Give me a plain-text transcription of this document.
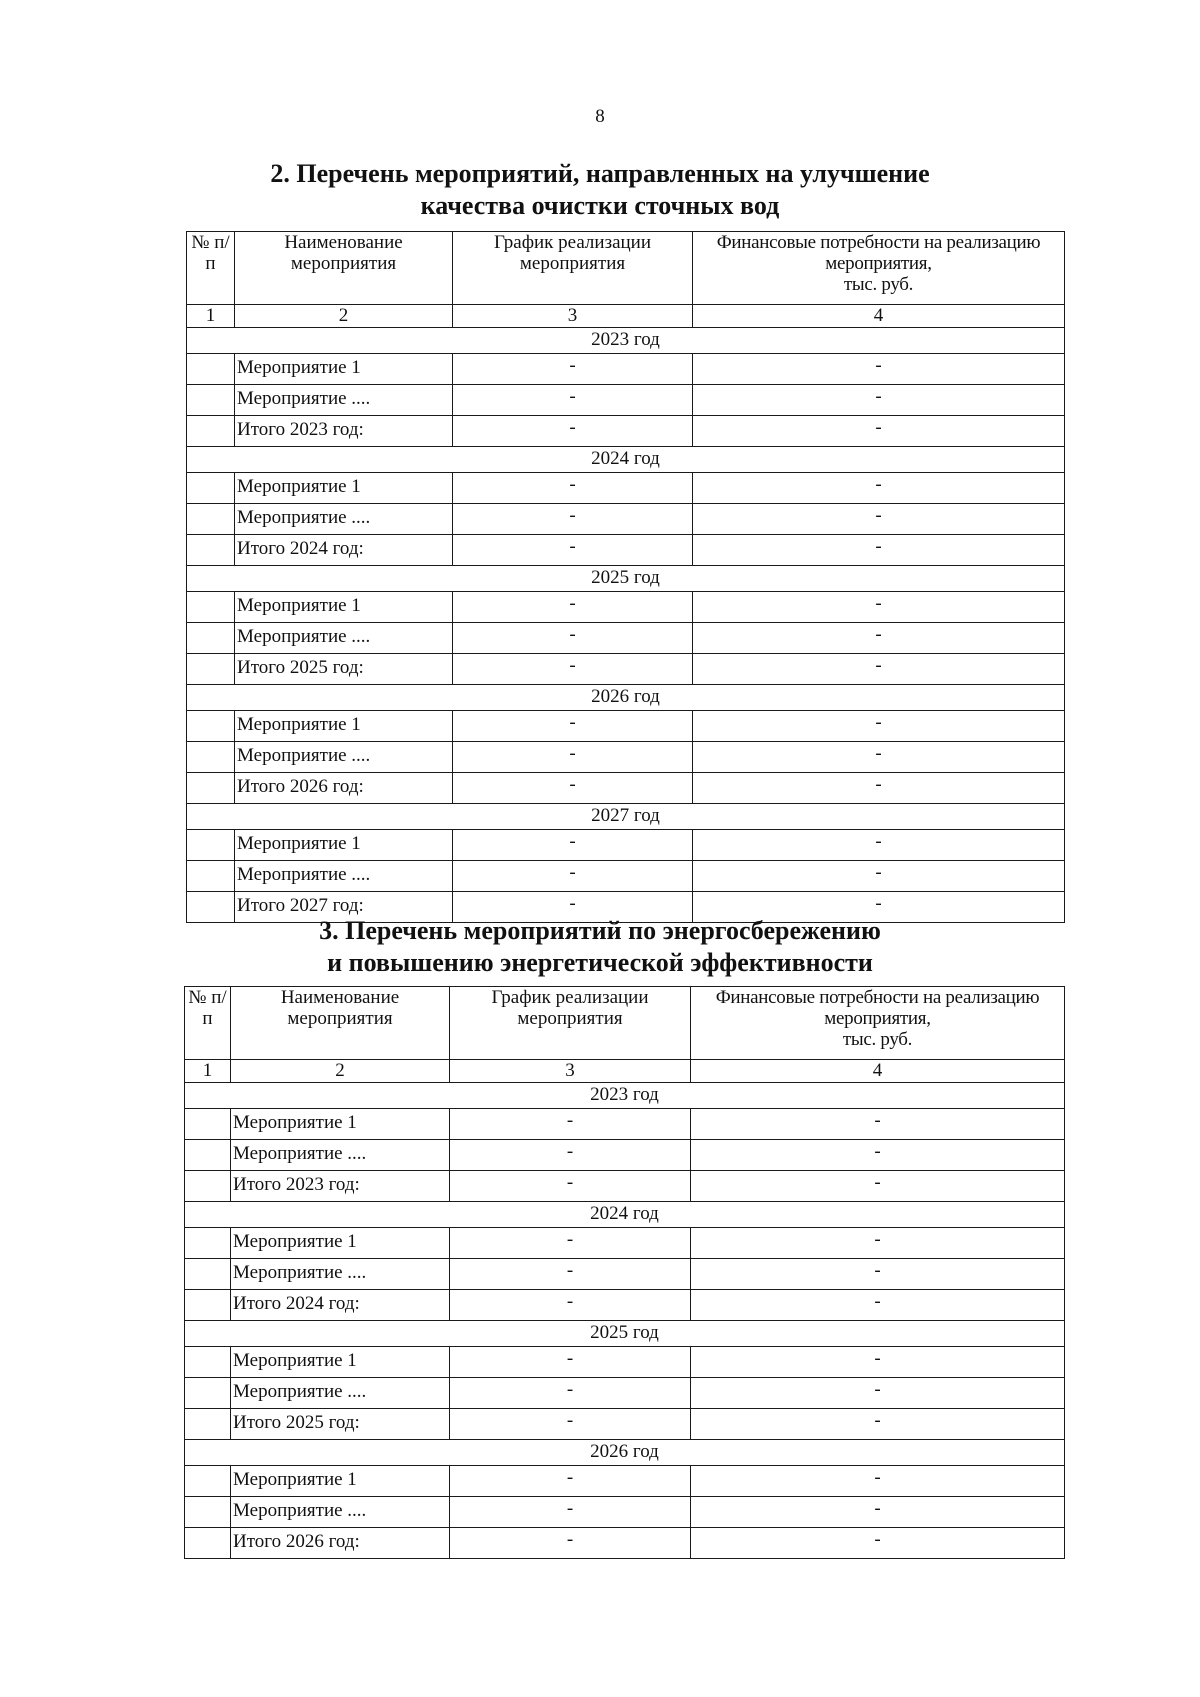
8
2. Перечень мероприятий, направленных на улучшение
качества очистки сточных вод
№ п/п	Наименование мероприятия	График реализации мероприятия	Финансовые потребности на реализацию
мероприятия,
тыс. руб.
1	2	3	4
2023 год			
	Мероприятие 1	-	-
	Мероприятие ....	-	-
	Итого 2023 год:	-	-
2024 год			
	Мероприятие 1	-	-
	Мероприятие ....	-	-
	Итого 2024 год:	-	-
2025 год			
	Мероприятие 1	-	-
	Мероприятие ....	-	-
	Итого 2025 год:	-	-
2026 год			
	Мероприятие 1	-	-
	Мероприятие ....	-	-
	Итого 2026 год:	-	-
2027 год			
	Мероприятие 1	-	-
	Мероприятие ....	-	-
	Итого 2027 год:	-	-
3. Перечень мероприятий по энергосбережению
и повышению энергетической эффективности
№ п/п	Наименование мероприятия	График реализации мероприятия	Финансовые потребности на реализацию
мероприятия,
тыс. руб.
1	2	3	4
2023 год			
	Мероприятие 1	-	-
	Мероприятие ....	-	-
	Итого 2023 год:	-	-
2024 год			
	Мероприятие 1	-	-
	Мероприятие ....	-	-
	Итого 2024 год:	-	-
2025 год			
	Мероприятие 1	-	-
	Мероприятие ....	-	-
	Итого 2025 год:	-	-
2026 год			
	Мероприятие 1	-	-
	Мероприятие ....	-	-
	Итого 2026 год:	-	-
